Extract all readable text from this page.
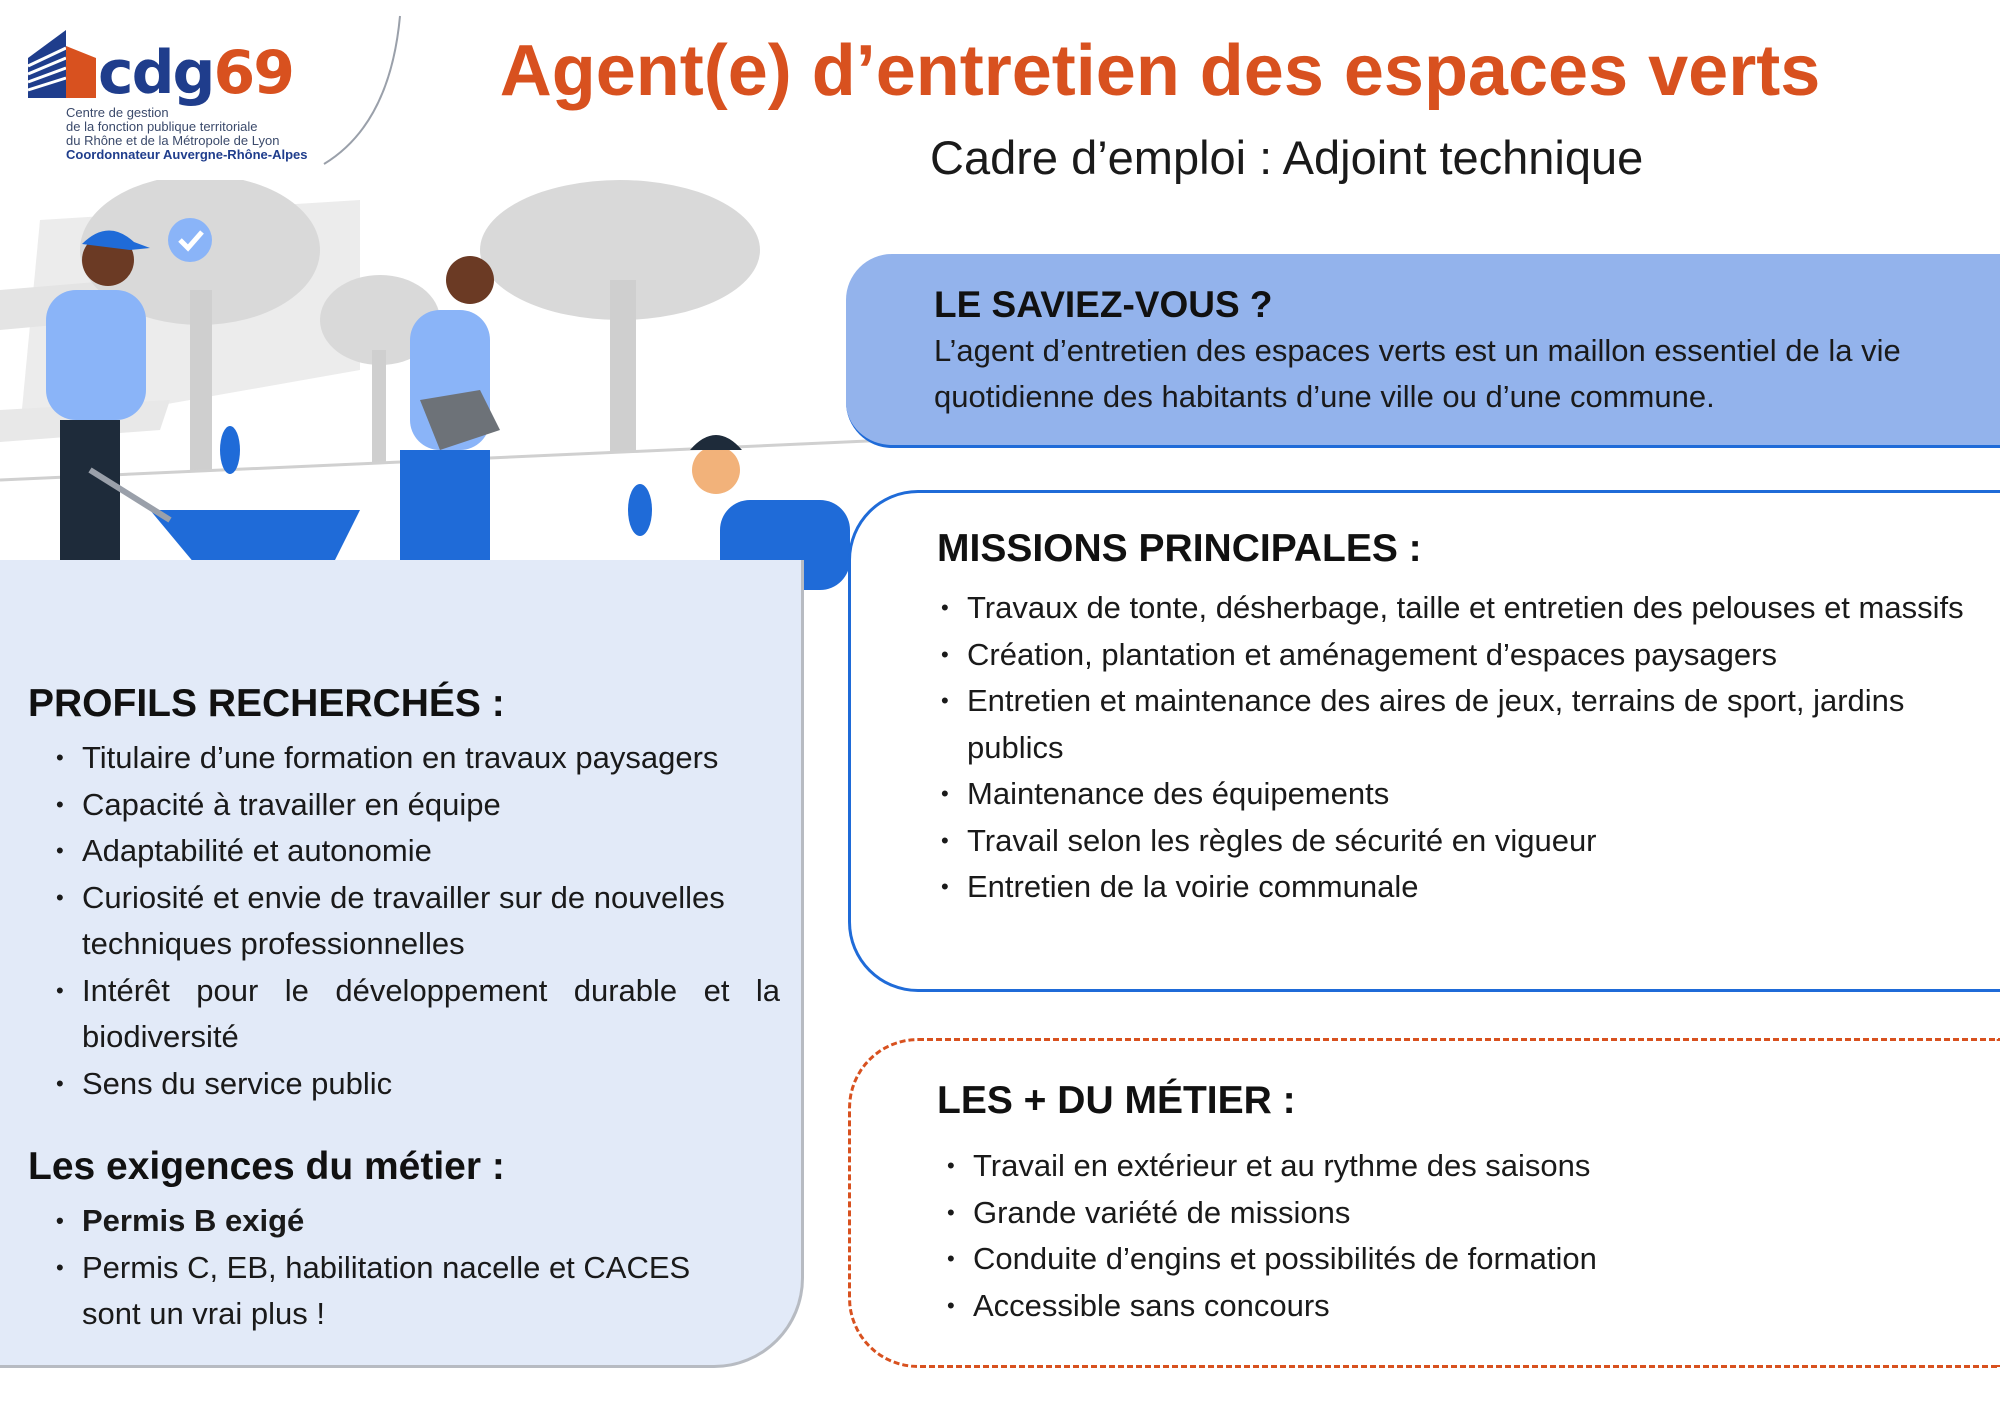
cdg69
Centre de gestion
de la fonction publique territoriale
du Rhône et de la Métropole de Lyon
Coordonnateur Auvergne-Rhône-Alpes
Agent(e) d’entretien des espaces verts
Cadre d’emploi : Adjoint technique
PROFILS RECHERCHÉS :
• Titulaire d’une formation en travaux paysagers
• Capacité à travailler en équipe
• Adaptabilité et autonomie
• Curiosité et envie de travailler sur de nouvelles techniques professionnelles
• Intérêt pour le développement durable et la biodiversité
• Sens du service public
Les exigences du métier :
• Permis B exigé
• Permis C, EB, habilitation nacelle et CACES sont un vrai plus !
LE SAVIEZ-VOUS ?
L’agent d’entretien des espaces verts est un maillon essentiel de la vie quotidienne des habitants d’une ville ou d’une commune.
MISSIONS PRINCIPALES :
• Travaux de tonte, désherbage, taille et entretien des pelouses et massifs
• Création, plantation et aménagement d’espaces paysagers
• Entretien et maintenance des aires de jeux, terrains de sport, jardins publics
• Maintenance des équipements
• Travail selon les règles de sécurité en vigueur
• Entretien de la voirie communale
LES + DU MÉTIER :
• Travail en extérieur et au rythme des saisons
• Grande variété de missions
• Conduite d’engins et possibilités de formation
• Accessible sans concours
